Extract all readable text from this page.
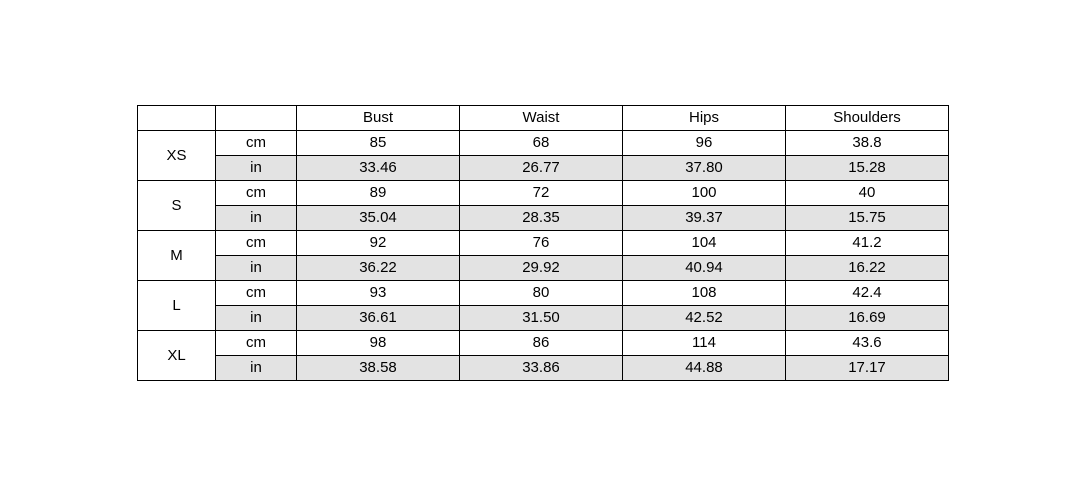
		Bust	Waist	Hips	Shoulders
XS	cm	85	68	96	38.8
	in	33.46	26.77	37.80	15.28
S	cm	89	72	100	40
	in	35.04	28.35	39.37	15.75
M	cm	92	76	104	41.2
	in	36.22	29.92	40.94	16.22
L	cm	93	80	108	42.4
	in	36.61	31.50	42.52	16.69
XL	cm	98	86	114	43.6
	in	38.58	33.86	44.88	17.17
